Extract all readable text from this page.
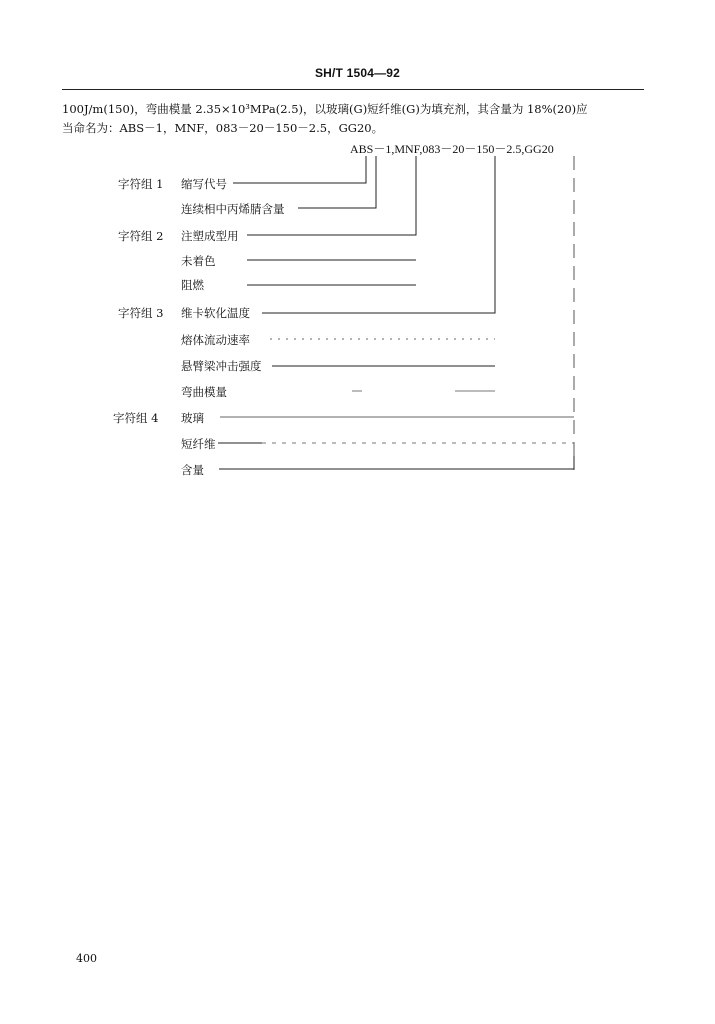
SH/T 1504—92
100J/m(150)，弯曲模量 2.35×10³MPa(2.5)，以玻璃(G)短纤维(G)为填充剂，其含量为 18%(20)应
当命名为：ABS－1，MNF，083－20－150－2.5，GG20。
ABS－1,MNF,083－20－150－2.5,GG20
字符组 1
字符组 2
字符组 3
字符组 4
缩写代号
连续相中丙烯腈含量
注塑成型用
未着色
阻燃
维卡软化温度
熔体流动速率
悬臂梁冲击强度
弯曲模量
玻璃
短纤维
含量
400
